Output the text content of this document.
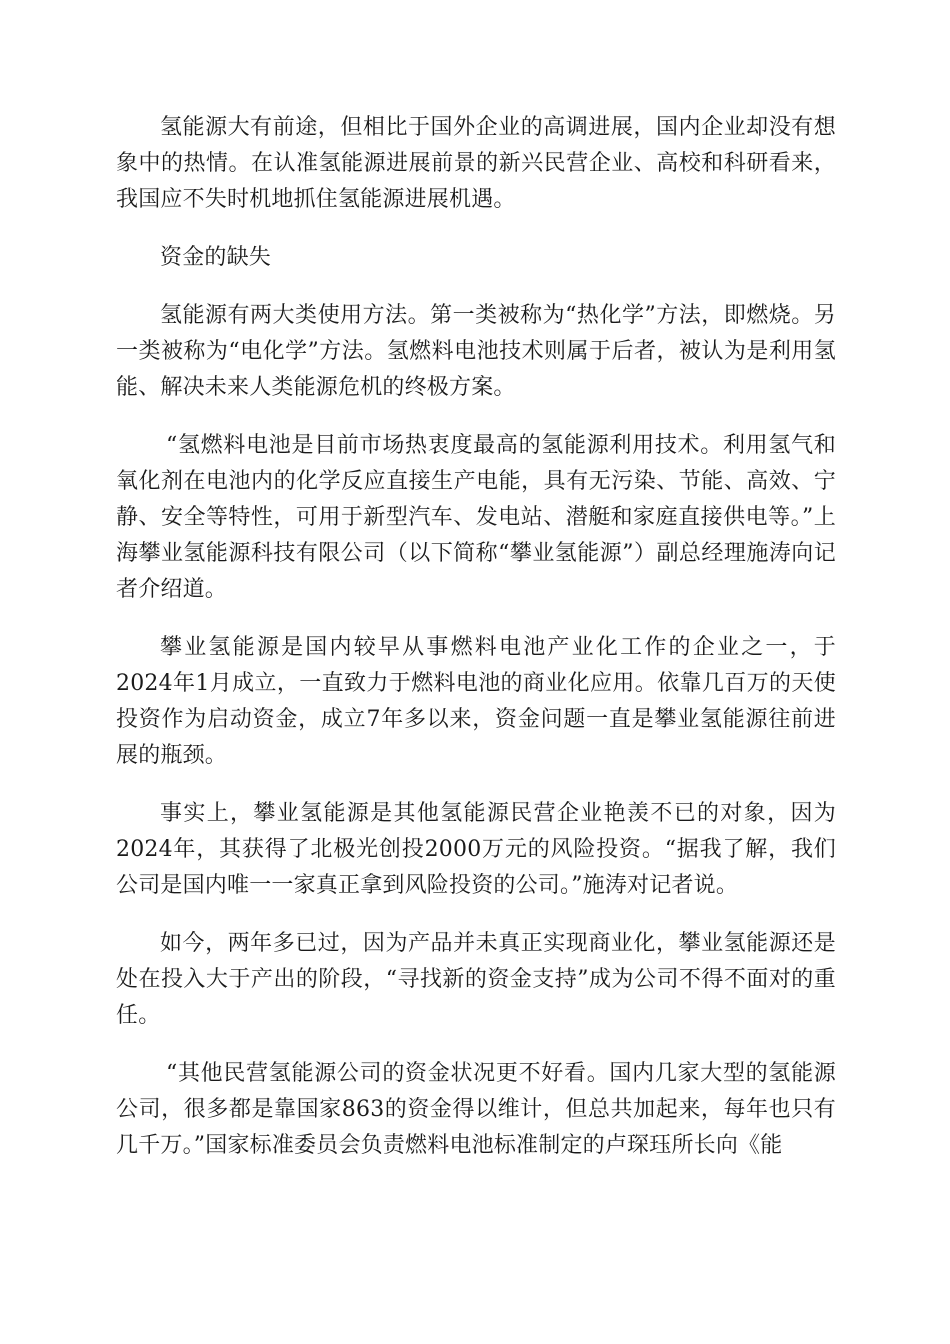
氢能源大有前途，但相比于国外企业的高调进展，国内企业却没有想象中的热情。在认准氢能源进展前景的新兴民营企业、高校和科研看来，我国应不失时机地抓住氢能源进展机遇。

资金的缺失

氢能源有两大类使用方法。第一类被称为“热化学”方法，即燃烧。另一类被称为“电化学”方法。氢燃料电池技术则属于后者，被认为是利用氢能、解决未来人类能源危机的终极方案。

“氢燃料电池是目前市场热衷度最高的氢能源利用技术。利用氢气和氧化剂在电池内的化学反应直接生产电能，具有无污染、节能、高效、宁静、安全等特性，可用于新型汽车、发电站、潜艇和家庭直接供电等。”上海攀业氢能源科技有限公司（以下简称“攀业氢能源”）副总经理施涛向记者介绍道。

攀业氢能源是国内较早从事燃料电池产业化工作的企业之一，于2024年1月成立，一直致力于燃料电池的商业化应用。依靠几百万的天使投资作为启动资金，成立7年多以来，资金问题一直是攀业氢能源往前进展的瓶颈。

事实上，攀业氢能源是其他氢能源民营企业艳羡不已的对象，因为2024年，其获得了北极光创投2000万元的风险投资。“据我了解，我们公司是国内唯一一家真正拿到风险投资的公司。”施涛对记者说。

如今，两年多已过，因为产品并未真正实现商业化，攀业氢能源还是处在投入大于产出的阶段，“寻找新的资金支持”成为公司不得不面对的重任。

“其他民营氢能源公司的资金状况更不好看。国内几家大型的氢能源公司，很多都是靠国家863的资金得以维计，但总共加起来，每年也只有几千万。”国家标准委员会负责燃料电池标准制定的卢琛珏所长向《能
